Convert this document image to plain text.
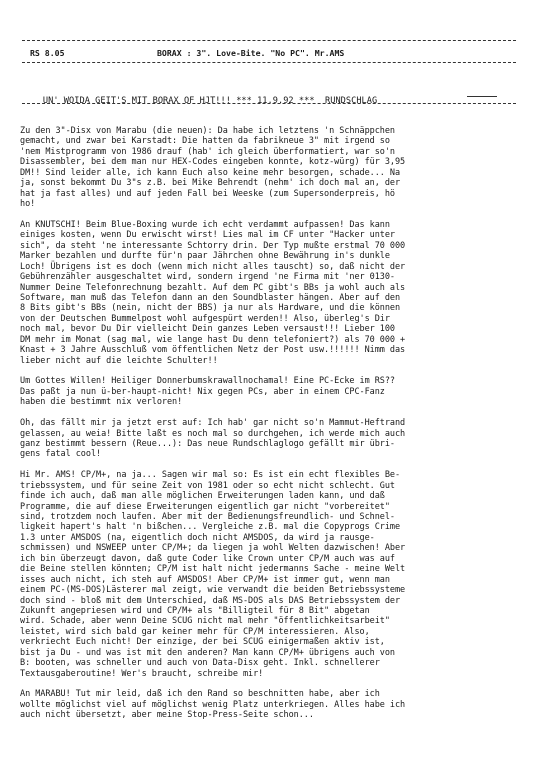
RS 8.05

	BORAX : 3". Love-Bite. "No PC". Mr.AMS

UN' WOIDA GEIT'S MIT BORAX OF HJT!!! *** 11.9.92 ***  RUNDSCHLAG

Zu den 3"-Disx von Marabu (die neuen): Da habe ich letztens 'n Schnäppchen
gemacht, und zwar bei Karstadt: Die hatten da fabrikneue 3" mit irgend so
'nem Mistprogramm von 1986 drauf (hab' ich gleich überformatiert, war so'n
Disassembler, bei dem man nur HEX-Codes eingeben konnte, kotz-würg) für 3,95
DM!! Sind leider alle, ich kann Euch also keine mehr besorgen, schade... Na
ja, sonst bekommt Du 3"s z.B. bei Mike Behrendt (nehm' ich doch mal an, der
hat ja fast alles) und auf jeden Fall bei Weeske (zum Supersonderpreis, hö
ho!
An KNUTSCHI! Beim Blue-Boxing wurde ich echt verdammt aufpassen! Das kann
einiges kosten, wenn Du erwischt wirst! Lies mal im CF unter "Hacker unter
sich", da steht 'ne interessante Schtorry drin. Der Typ mußte erstmal 70 000
Marker bezahlen und durfte für'n paar Jährchen ohne Bewährung in's dunkle
Loch! Übrigens ist es doch (wenn mich nicht alles tauscht) so, daß nicht der
Gebührenzähler ausgeschaltet wird, sondern irgend 'ne Firma mit 'ner 0130-
Nummer Deine Telefonrechnung bezahlt. Auf dem PC gibt's BBs ja wohl auch als
Software, man muß das Telefon dann an den Soundblaster hängen. Aber auf den
8 Bits gibt's BBs (nein, nicht der BBS) ja nur als Hardware, und die können
von der Deutschen Bummelpost wohl aufgespürt werden!! Also, überleg's Dir
noch mal, bevor Du Dir vielleicht Dein ganzes Leben versaust!!! Lieber 100
DM mehr im Monat (sag mal, wie lange hast Du denn telefoniert?) als 70 000 +
Knast + 3 Jahre Ausschluß vom öffentlichen Netz der Post usw.!!!!!! Nimm das
lieber nicht auf die leichte Schulter!!
Um Gottes Willen! Heiliger Donnerbumskrawallnochamal! Eine PC-Ecke im RS??
Das paßt ja nun ü-ber-haupt-nicht! Nix gegen PCs, aber in einem CPC-Fanz
haben die bestimmt nix verloren!
Oh, das fällt mir ja jetzt erst auf: Ich hab' gar nicht so'n Mammut-Heftrand
gelassen, au weia! Bitte laßt es noch mal so durchgehen, ich werde mich auch
ganz bestimmt bessern (Reue...): Das neue Rundschlaglogo gefällt mir übri-
gens fatal cool!
Hi Mr. AMS! CP/M+, na ja... Sagen wir mal so: Es ist ein echt flexibles Be-
triebssystem, und für seine Zeit von 1981 oder so echt nicht schlecht. Gut
finde ich auch, daß man alle möglichen Erweiterungen laden kann, und daß
Programme, die auf diese Erweiterungen eigentlich gar nicht "vorbereitet"
sind, trotzdem noch laufen. Aber mit der Bedienungsfreundlich- und Schnel-
ligkeit hapert's halt 'n bißchen... Vergleiche z.B. mal die Copyprogs Crime
1.3 unter AMSDOS (na, eigentlich doch nicht AMSDOS, da wird ja rausge-
schmissen) und NSWEEP unter CP/M+; da liegen ja wohl Welten dazwischen! Aber
ich bin überzeugt davon, daß gute Coder like Crown unter CP/M auch was auf
die Beine stellen könnten; CP/M ist halt nicht jedermanns Sache - meine Welt
isses auch nicht, ich steh auf AMSDOS! Aber CP/M+ ist immer gut, wenn man
einem PC-(MS-DOS)Lästerer mal zeigt, wie verwandt die beiden Betriebssysteme
doch sind - bloß mit dem Unterschied, daß MS-DOS als DAS Betriebssystem der
Zukunft angepriesen wird und CP/M+ als "Billigteil für 8 Bit" abgetan
wird. Schade, aber wenn Deine SCUG nicht mal mehr "öffentlichkeitsarbeit"
leistet, wird sich bald gar keiner mehr für CP/M interessieren. Also,
verkriecht Euch nicht! Der einzige, der bei SCUG einigermaßen aktiv ist,
bist ja Du - und was ist mit den anderen? Man kann CP/M+ übrigens auch von
B: booten, was schneller und auch von Data-Disx geht. Inkl. schnellerer
Textausgaberoutine! Wer's braucht, schreibe mir!
An MARABU! Tut mir leid, daß ich den Rand so beschnitten habe, aber ich
wollte möglichst viel auf möglichst wenig Platz unterkriegen. Alles habe ich
auch nicht übersetzt, aber meine Stop-Press-Seite schon...
